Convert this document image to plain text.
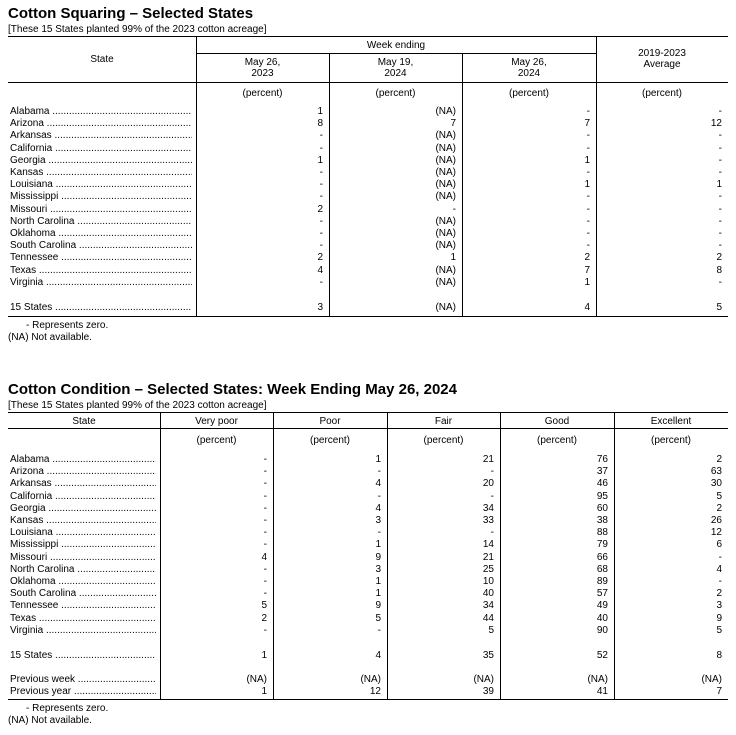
Cotton Squaring – Selected States
[These 15 States planted 99% of the 2023 cotton acreage]
State
Week ending
May 26,
2023
May 19,
2024
May 26,
2024
2019-2023
Average
(percent)	(percent)	(percent)	(percent)
Alabama .....	1	(NA)	-	-
Arizona .....	8	7	7	12
Arkansas .....	-	(NA)	-	-
California .....	-	(NA)	-	-
Georgia .....	1	(NA)	1	-
Kansas .....	-	(NA)	-	-
Louisiana .....	-	(NA)	1	1
Mississippi .....	-	(NA)	-	-
Missouri .....	2	-	-	-
North Carolina .....	-	(NA)	-	-
Oklahoma .....	-	(NA)	-	-
South Carolina .....	-	(NA)	-	-
Tennessee .....	2	1	2	2
Texas .....	4	(NA)	7	8
Virginia .....	-	(NA)	1	-
15 States .....	3	(NA)	4	5
- Represents zero.
(NA) Not available.
Cotton Condition – Selected States: Week Ending May 26, 2024
[These 15 States planted 99% of the 2023 cotton acreage]
State	Very poor	Poor	Fair	Good	Excellent
(percent)	(percent)	(percent)	(percent)	(percent)
Alabama .....	-	1	21	76	2
Arizona .....	-	-	-	37	63
Arkansas .....	-	4	20	46	30
California .....	-	-	-	95	5
Georgia .....	-	4	34	60	2
Kansas .....	-	3	33	38	26
Louisiana .....	-	-	-	88	12
Mississippi .....	-	1	14	79	6
Missouri .....	4	9	21	66	-
North Carolina .....	-	3	25	68	4
Oklahoma .....	-	1	10	89	-
South Carolina .....	-	1	40	57	2
Tennessee .....	5	9	34	49	3
Texas .....	2	5	44	40	9
Virginia .....	-	-	5	90	5
15 States .....	1	4	35	52	8
Previous week .....	(NA)	(NA)	(NA)	(NA)	(NA)
Previous year .....	1	12	39	41	7
- Represents zero.
(NA) Not available.
